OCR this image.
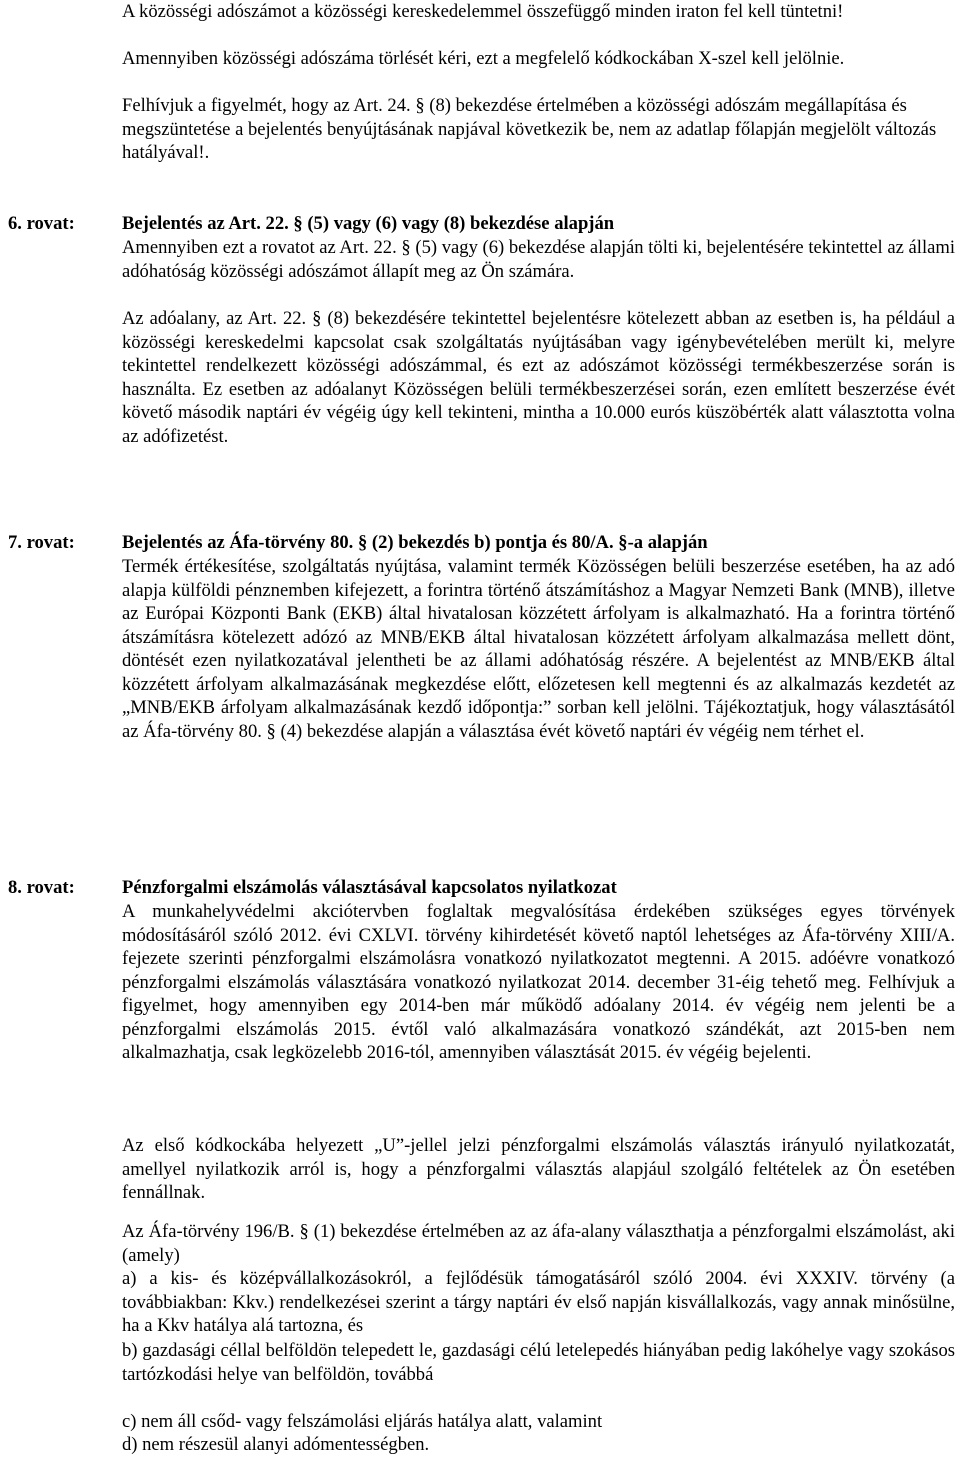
A közösségi adószámot a közösségi kereskedelemmel összefüggő minden iraton fel kell tüntetni!

Amennyiben közösségi adószáma törlését kéri, ezt a megfelelő kódkockában X-szel kell jelölnie.

Felhívjuk a figyelmét, hogy az Art. 24. § (8) bekezdése értelmében a közösségi adószám megállapítása és megszüntetése a bejelentés benyújtásának napjával következik be, nem az adatlap főlapján megjelölt változás hatályával!.

6. rovat:	Bejelentés az Art. 22. § (5) vagy (6) vagy (8) bekezdése alapján

Amennyiben ezt a rovatot az Art. 22. § (5) vagy (6) bekezdése alapján tölti ki, bejelentésére tekintettel az állami adóhatóság közösségi adószámot állapít meg az Ön számára.

Az adóalany, az Art. 22. § (8) bekezdésére tekintettel bejelentésre kötelezett abban az esetben is, ha például a közösségi kereskedelmi kapcsolat csak szolgáltatás nyújtásában vagy igénybevételében merült ki, melyre tekintettel rendelkezett közösségi adószámmal, és ezt az adószámot közösségi termékbeszerzése során is használta. Ez esetben az adóalanyt Közösségen belüli termékbeszerzései során, ezen említett beszerzése évét követő második naptári év végéig úgy kell tekinteni, mintha a 10.000 eurós küszöbérték alatt választotta volna az adófizetést.

7. rovat:	Bejelentés az Áfa-törvény 80. § (2) bekezdés b) pontja és 80/A. §-a alapján

Termék értékesítése, szolgáltatás nyújtása, valamint termék Közösségen belüli beszerzése esetében, ha az adó alapja külföldi pénznemben kifejezett, a forintra történő átszámításhoz a Magyar Nemzeti Bank (MNB), illetve az Európai Központi Bank (EKB) által hivatalosan közzétett árfolyam is alkalmazható. Ha a forintra történő átszámításra kötelezett adózó az MNB/EKB által hivatalosan közzétett árfolyam alkalmazása mellett dönt, döntését ezen nyilatkozatával jelentheti be az állami adóhatóság részére. A bejelentést az MNB/EKB által közzétett árfolyam alkalmazásának megkezdése előtt, előzetesen kell megtenni és az alkalmazás kezdetét az „MNB/EKB árfolyam alkalmazásának kezdő időpontja:” sorban kell jelölni. Tájékoztatjuk, hogy választásától az Áfa-törvény 80. § (4) bekezdése alapján a választása évét követő naptári év végéig nem térhet el.

8. rovat:	Pénzforgalmi elszámolás választásával kapcsolatos nyilatkozat

A munkahelyvédelmi akciótervben foglaltak megvalósítása érdekében szükséges egyes törvények módosításáról szóló 2012. évi CXLVI. törvény kihirdetését követő naptól lehetséges az Áfa-törvény XIII/A. fejezete szerinti pénzforgalmi elszámolásra vonatkozó nyilatkozatot megtenni. A 2015. adóévre vonatkozó pénzforgalmi elszámolás választására vonatkozó nyilatkozat 2014. december 31-éig tehető meg. Felhívjuk a figyelmet, hogy amennyiben egy 2014-ben már működő adóalany 2014. év végéig nem jelenti be a pénzforgalmi elszámolás 2015. évtől való alkalmazására vonatkozó szándékát, azt 2015-ben nem alkalmazhatja, csak legközelebb 2016-tól, amennyiben választását 2015. év végéig bejelenti.

Az első kódkockába helyezett „U”-jellel jelzi pénzforgalmi elszámolás választás irányuló nyilatkozatát, amellyel nyilatkozik arról is, hogy a pénzforgalmi választás alapjául szolgáló feltételek az Ön esetében fennállnak.

Az Áfa-törvény 196/B. § (1) bekezdése értelmében az az áfa-alany választhatja a pénzforgalmi elszámolást, aki (amely)

a) a kis- és középvállalkozásokról, a fejlődésük támogatásáról szóló 2004. évi XXXIV. törvény (a továbbiakban: Kkv.) rendelkezései szerint a tárgy naptári év első napján kisvállalkozás, vagy annak minősülne, ha a Kkv hatálya alá tartozna, és

b) gazdasági céllal belföldön telepedett le, gazdasági célú letelepedés hiányában pedig lakóhelye vagy szokásos tartózkodási helye van belföldön, továbbá

c) nem áll csőd- vagy felszámolási eljárás hatálya alatt, valamint

d) nem részesül alanyi adómentességben.
